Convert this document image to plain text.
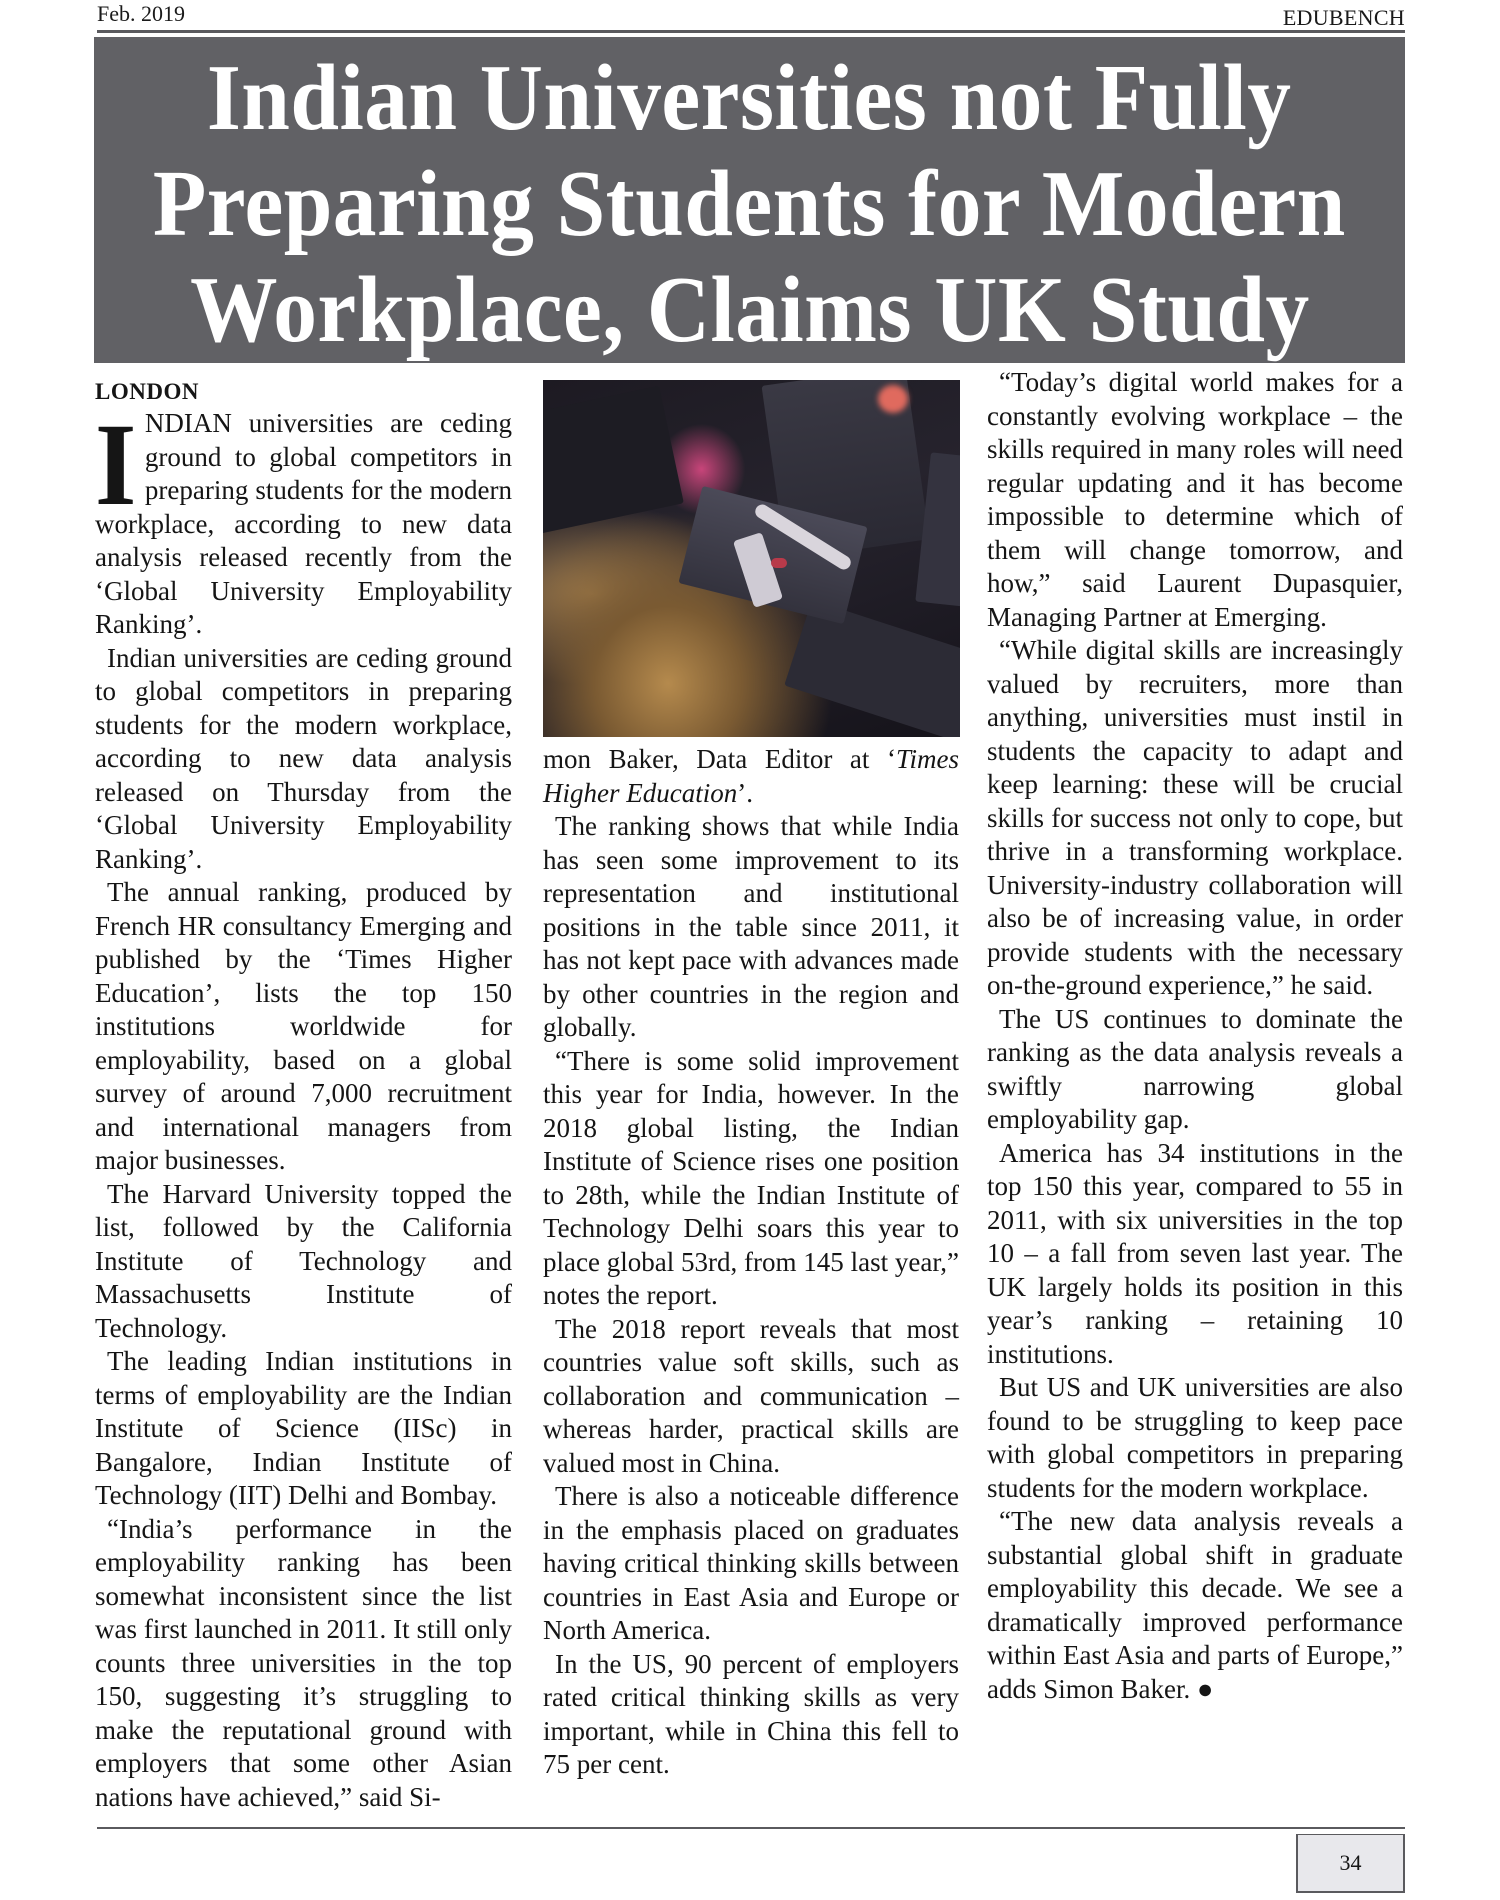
Feb. 2019	EDUBENCH
Indian Universities not Fully
Preparing Students for Modern
Workplace, Claims UK Study
LONDON

INDIAN universities are ceding ground to global competitors in preparing students for the modern workplace, according to new data analysis released recently from the ‘Global University Employability Ranking’.

Indian universities are ceding ground to global competitors in preparing students for the modern workplace, according to new data analysis released on Thursday from the ‘Global University Employability Ranking’.

The annual ranking, produced by French HR consultancy Emerging and published by the ‘Times Higher Education’, lists the top 150 institutions worldwide for employability, based on a global survey of around 7,000 recruitment and international managers from major businesses.

The Harvard University topped the list, followed by the California Institute of Technology and Massachusetts Institute of Technology.

The leading Indian institutions in terms of employability are the Indian Institute of Science (IISc) in Bangalore, Indian Institute of Technology (IIT) Delhi and Bombay.

“India’s performance in the employability ranking has been somewhat inconsistent since the list was first launched in 2011. It still only counts three universities in the top 150, suggesting it’s struggling to make the reputational ground with employers that some other Asian nations have achieved,” said Si-

mon Baker, Data Editor at ‘Times Higher Education’.

The ranking shows that while India has seen some improvement to its representation and institutional positions in the table since 2011, it has not kept pace with advances made by other countries in the region and globally.

“There is some solid improvement this year for India, however. In the 2018 global listing, the Indian Institute of Science rises one position to 28th, while the Indian Institute of Technology Delhi soars this year to place global 53rd, from 145 last year,” notes the report.

The 2018 report reveals that most countries value soft skills, such as collaboration and communication – whereas harder, practical skills are valued most in China.

There is also a noticeable difference in the emphasis placed on graduates having critical thinking skills between countries in East Asia and Europe or North America.

In the US, 90 percent of employers rated critical thinking skills as very important, while in China this fell to 75 per cent.

“Today’s digital world makes for a constantly evolving workplace – the skills required in many roles will need regular updating and it has become impossible to determine which of them will change tomorrow, and how,” said Laurent Dupasquier, Managing Partner at Emerging.

“While digital skills are increasingly valued by recruiters, more than anything, universities must instil in students the capacity to adapt and keep learning: these will be crucial skills for success not only to cope, but thrive in a transforming workplace. University-industry collaboration will also be of increasing value, in order provide students with the necessary on-the-ground experience,” he said.

The US continues to dominate the ranking as the data analysis reveals a swiftly narrowing global employability gap.

America has 34 institutions in the top 150 this year, compared to 55 in 2011, with six universities in the top 10 – a fall from seven last year. The UK largely holds its position in this year’s ranking – retaining 10 institutions.

But US and UK universities are also found to be struggling to keep pace with global competitors in preparing students for the modern workplace.

“The new data analysis reveals a substantial global shift in graduate employability this decade. We see a dramatically improved performance within East Asia and parts of Europe,” adds Simon Baker. ●

34
